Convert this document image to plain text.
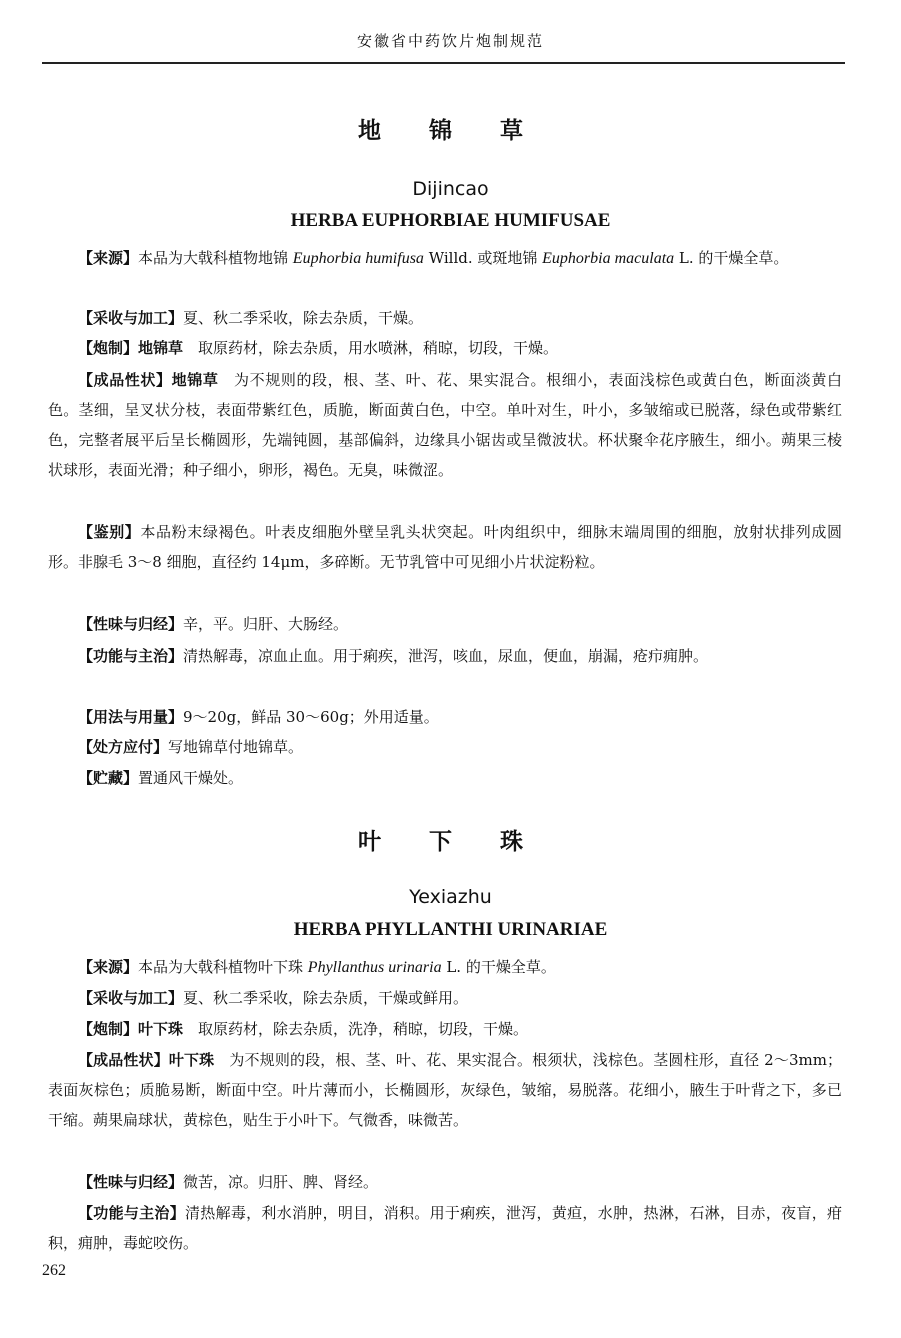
安徽省中药饮片炮制规范
地 锦 草
Dijincao
HERBA EUPHORBIAE HUMIFUSAE
【来源】本品为大戟科植物地锦 Euphorbia humifusa Willd. 或斑地锦 Euphorbia maculata L. 的干燥全草。
【采收与加工】夏、秋二季采收，除去杂质，干燥。
【炮制】地锦草　取原药材，除去杂质，用水喷淋，稍晾，切段，干燥。
【成品性状】地锦草　为不规则的段，根、茎、叶、花、果实混合。根细小，表面浅棕色或黄白色，断面淡黄白色。茎细，呈叉状分枝，表面带紫红色，质脆，断面黄白色，中空。单叶对生，叶小，多皱缩或已脱落，绿色或带紫红色，完整者展平后呈长椭圆形，先端钝圆，基部偏斜，边缘具小锯齿或呈微波状。杯状聚伞花序腋生，细小。蒴果三棱状球形，表面光滑；种子细小，卵形，褐色。无臭，味微涩。
【鉴别】本品粉末绿褐色。叶表皮细胞外壁呈乳头状突起。叶肉组织中，细脉末端周围的细胞，放射状排列成圆形。非腺毛 3～8 细胞，直径约 14μm，多碎断。无节乳管中可见细小片状淀粉粒。
【性味与归经】辛，平。归肝、大肠经。
【功能与主治】清热解毒，凉血止血。用于痢疾，泄泻，咳血，尿血，便血，崩漏，疮疖痈肿。
【用法与用量】9～20g，鲜品 30～60g；外用适量。
【处方应付】写地锦草付地锦草。
【贮藏】置通风干燥处。
叶 下 珠
Yexiazhu
HERBA PHYLLANTHI URINARIAE
【来源】本品为大戟科植物叶下珠 Phyllanthus urinaria L. 的干燥全草。
【采收与加工】夏、秋二季采收，除去杂质，干燥或鲜用。
【炮制】叶下珠　取原药材，除去杂质，洗净，稍晾，切段，干燥。
【成品性状】叶下珠　为不规则的段，根、茎、叶、花、果实混合。根须状，浅棕色。茎圆柱形，直径 2～3mm；表面灰棕色；质脆易断，断面中空。叶片薄而小，长椭圆形，灰绿色，皱缩，易脱落。花细小，腋生于叶背之下，多已干缩。蒴果扁球状，黄棕色，贴生于小叶下。气微香，味微苦。
【性味与归经】微苦，凉。归肝、脾、肾经。
【功能与主治】清热解毒，利水消肿，明目，消积。用于痢疾，泄泻，黄疸，水肿，热淋，石淋，目赤，夜盲，疳积，痈肿，毒蛇咬伤。
262
